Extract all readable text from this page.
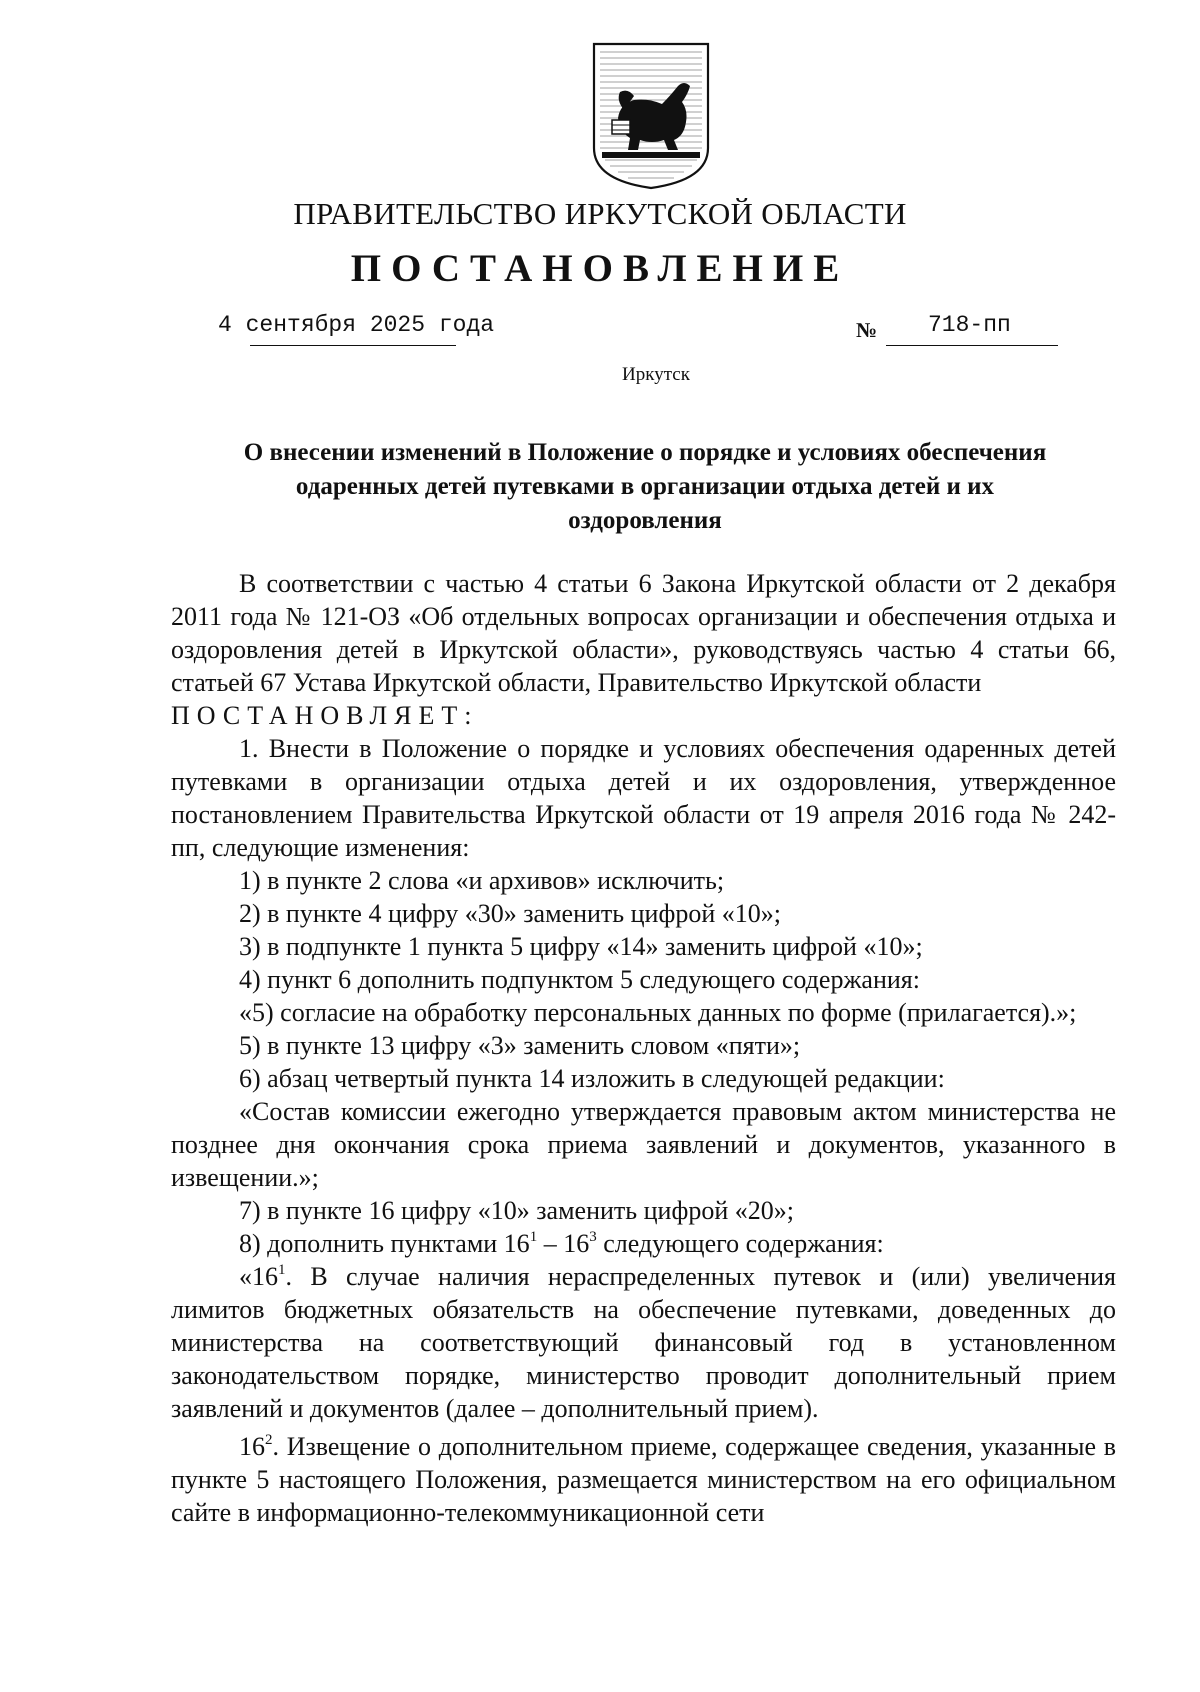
ПРАВИТЕЛЬСТВО ИРКУТСКОЙ ОБЛАСТИ
ПОСТАНОВЛЕНИЕ
4 сентября 2025 года	№ 718-пп
Иркутск
О внесении изменений в Положение о порядке и условиях обеспечения
одаренных детей путевками в организации отдыха детей и их
оздоровления

В соответствии с частью 4 статьи 6 Закона Иркутской области от 2 декабря 2011 года № 121-ОЗ «Об отдельных вопросах организации и обеспечения отдыха и оздоровления детей в Иркутской области», руководствуясь частью 4 статьи 66, статьей 67 Устава Иркутской области, Правительство Иркутской области

ПОСТАНОВЛЯЕТ:

1. Внести в Положение о порядке и условиях обеспечения одаренных детей путевками в организации отдыха детей и их оздоровления, утвержденное постановлением Правительства Иркутской области от 19 апреля 2016 года № 242-пп, следующие изменения:

1) в пункте 2 слова «и архивов» исключить;

2) в пункте 4 цифру «30» заменить цифрой «10»;

3) в подпункте 1 пункта 5 цифру «14» заменить цифрой «10»;

4) пункт 6 дополнить подпунктом 5 следующего содержания:

«5) согласие на обработку персональных данных по форме (прилагается).»;

5) в пункте 13 цифру «3» заменить словом «пяти»;

6) абзац четвертый пункта 14 изложить в следующей редакции:

«Состав комиссии ежегодно утверждается правовым актом министерства не позднее дня окончания срока приема заявлений и документов, указанного в извещении.»;

7) в пункте 16 цифру «10» заменить цифрой «20»;

8) дополнить пунктами $16^1 - 16^3$ следующего содержания:

«$16^1$. В случае наличия нераспределенных путевок и (или) увеличения лимитов бюджетных обязательств на обеспечение путевками, доведенных до министерства на соответствующий финансовый год в установленном законодательством порядке, министерство проводит дополнительный прием заявлений и документов (далее – дополнительный прием).

$16^2$. Извещение о дополнительном приеме, содержащее сведения, указанные в пункте 5 настоящего Положения, размещается министерством на его официальном сайте в информационно-телекоммуникационной сети
